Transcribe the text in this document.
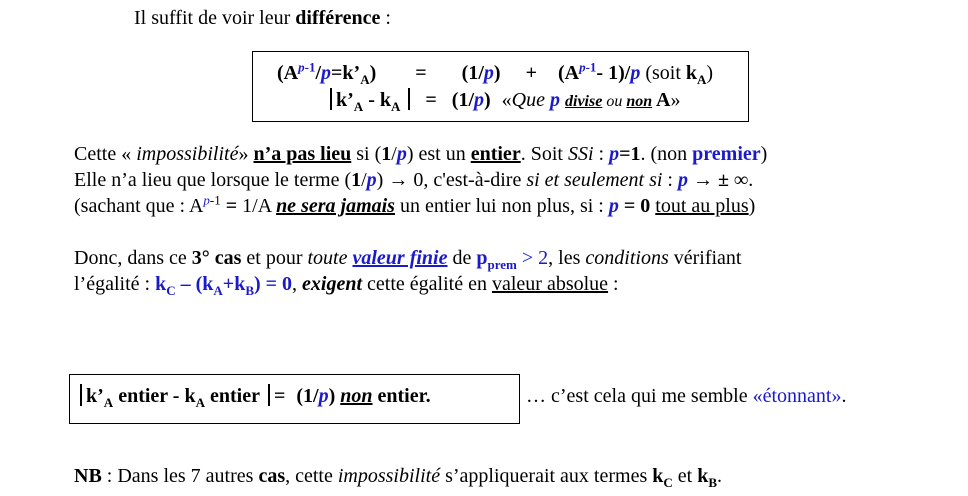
Il suffit de voir leur différence :
$(A^{p-1}/p=k’_A) = (1/p) + (A^{p-1}-$ 1)/p (soit $k_A$)
$k’_A - k_A = (1/p)$ «Que p divise ou non A»
Cette « impossibilité» n’a pas lieu si (1/p) est un entier. Soit SSi : p=1. (non premier)
Elle n’a lieu que lorsque le terme (1/p) → 0, c'est-à-dire si et seulement si : p → ± ∞.
(sachant que : $A^{p-1} = 1/A$ ne sera jamais un entier lui non plus, si : p = 0 tout au plus)
Donc, dans ce 3° cas et pour toute valeur finie de $p_{prem} > 2$, les conditions vérifiant
l’égalité : $k_C - (k_A+k_B) = 0$, exigent cette égalité en valeur absolue :
$k’_A$ entier - $k_A$ entier = (1/p) non entier.	… c’est cela qui me semble «étonnant».
NB : Dans les 7 autres cas, cette impossibilité s’appliquerait aux termes $k_C$ et $k_B$.
